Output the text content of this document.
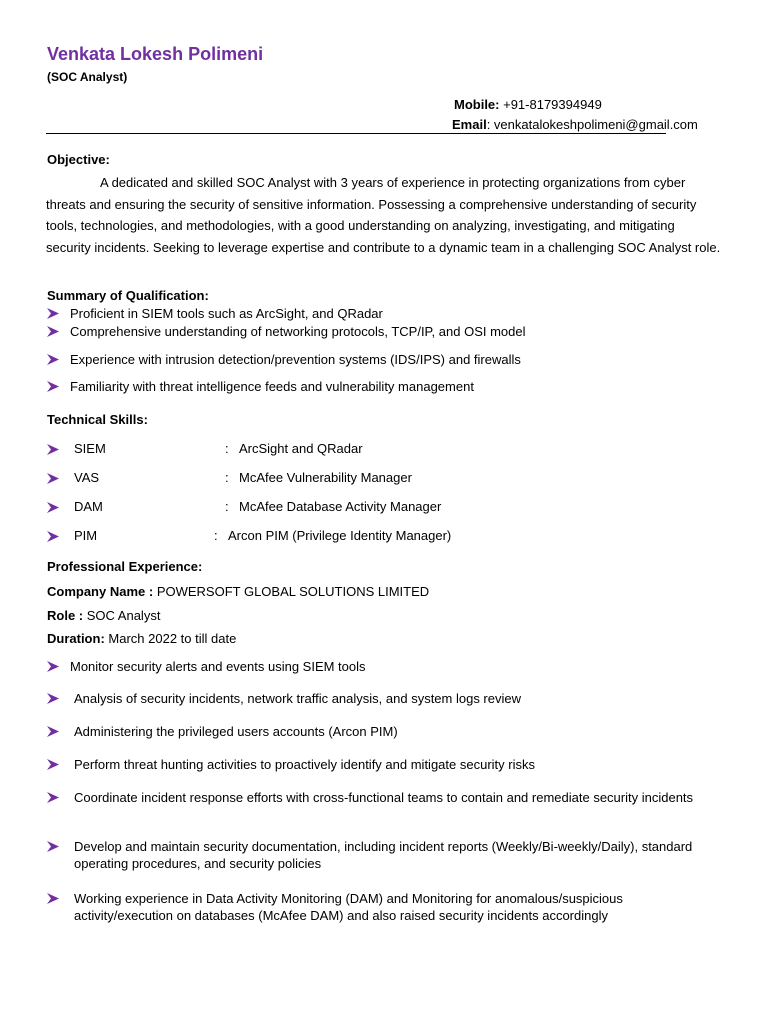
Venkata Lokesh Polimeni
(SOC Analyst)
Mobile: +91-8179394949
Email: venkatalokeshpolimeni@gmail.com
Objective:
A dedicated and skilled SOC Analyst with 3 years of experience in protecting organizations from cyber threats and ensuring the security of sensitive information. Possessing a comprehensive understanding of security tools, technologies, and methodologies, with a good understanding on analyzing, investigating, and mitigating security incidents. Seeking to leverage expertise and contribute to a dynamic team in a challenging SOC Analyst role.
Summary of Qualification:
Proficient in SIEM tools such as ArcSight, and QRadar
Comprehensive understanding of networking protocols, TCP/IP, and OSI model
Experience with intrusion detection/prevention systems (IDS/IPS) and firewalls
Familiarity with threat intelligence feeds and vulnerability management
Technical Skills:
SIEM	: ArcSight and QRadar
VAS	: McAfee Vulnerability Manager
DAM	: McAfee Database Activity Manager
PIM	: Arcon PIM (Privilege Identity Manager)
Professional Experience:
Company Name : POWERSOFT GLOBAL SOLUTIONS LIMITED
Role : SOC Analyst
Duration: March 2022 to till date
Monitor security alerts and events using SIEM tools
Analysis of security incidents, network traffic analysis, and system logs review
Administering the privileged users accounts (Arcon PIM)
Perform threat hunting activities to proactively identify and mitigate security risks
Coordinate incident response efforts with cross-functional teams to contain and remediate security incidents
Develop and maintain security documentation, including incident reports (Weekly/Bi-weekly/Daily), standard operating procedures, and security policies
Working experience in Data Activity Monitoring (DAM) and Monitoring for anomalous/suspicious activity/execution on databases (McAfee DAM) and also raised security incidents accordingly
